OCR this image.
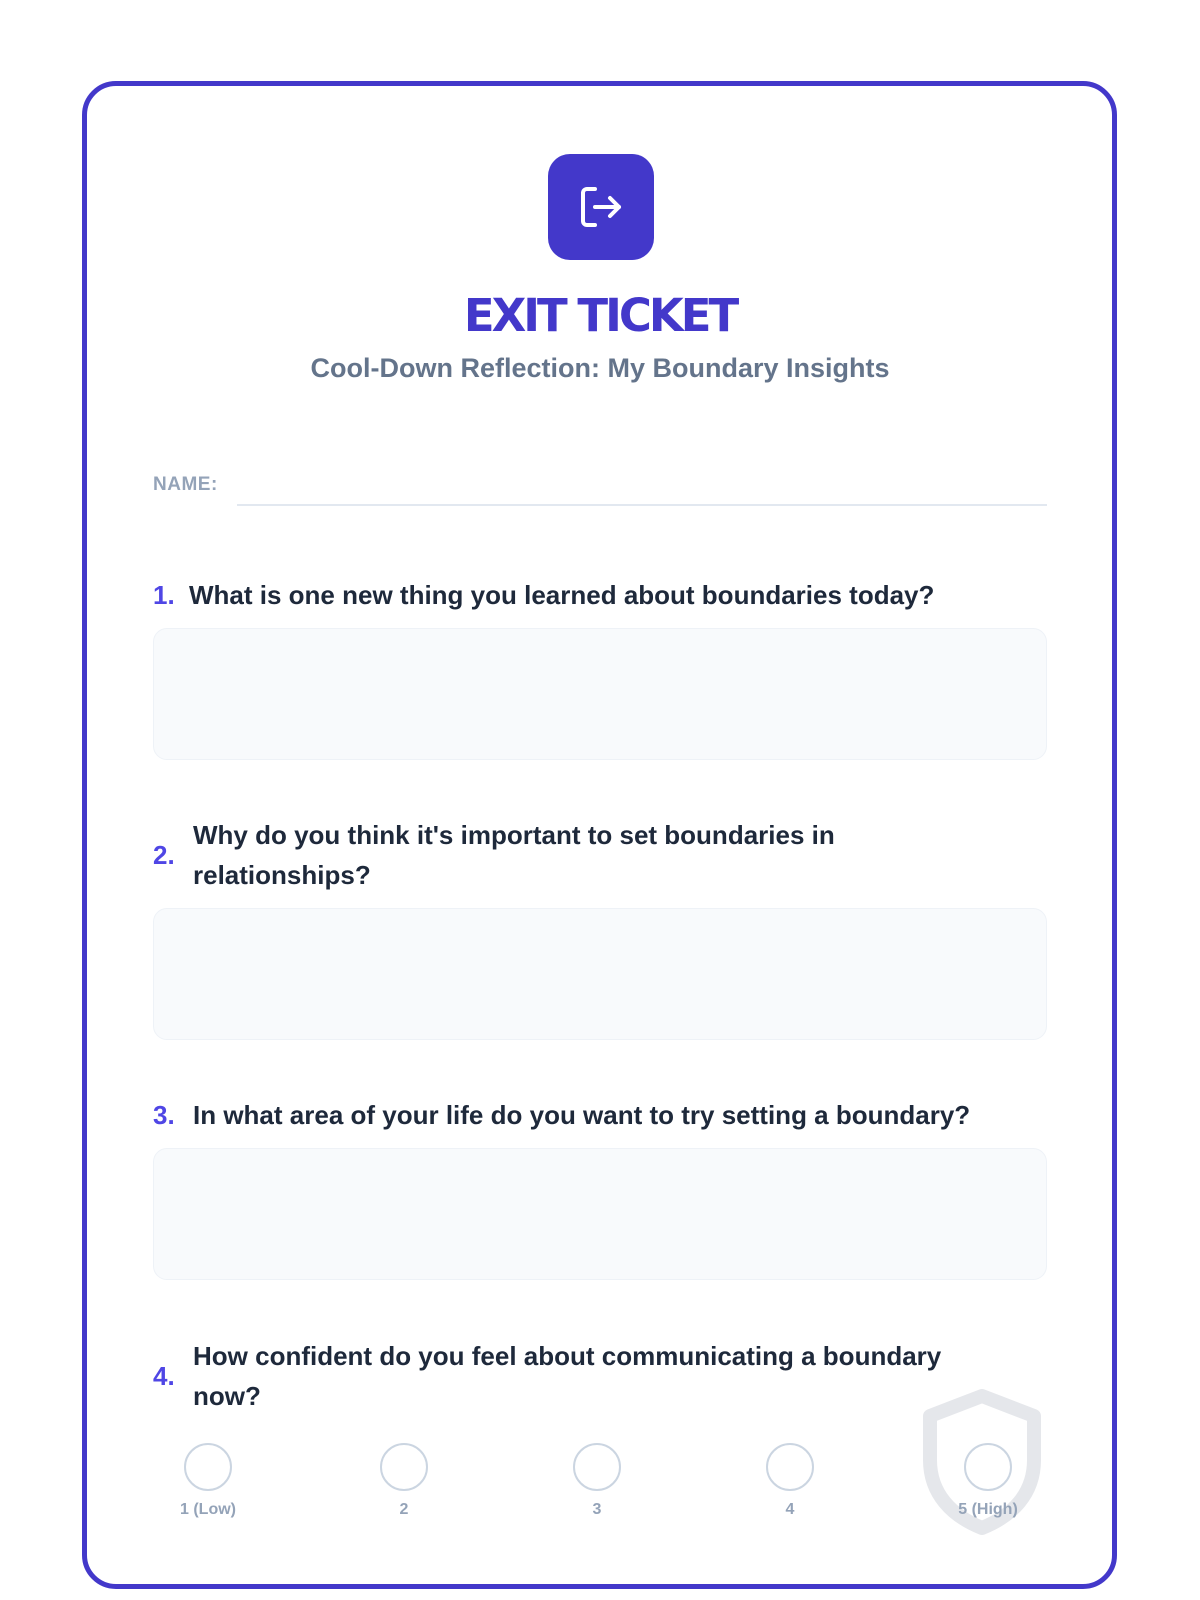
EXIT TICKET
Cool-Down Reflection: My Boundary Insights
NAME:
1. What is one new thing you learned about boundaries today?
2.
Why do you think it's important to set boundaries in relationships?
3. In what area of your life do you want to try setting a boundary?
4.
How confident do you feel about communicating a boundary now?
1 (Low)	2	3	4	5 (High)
